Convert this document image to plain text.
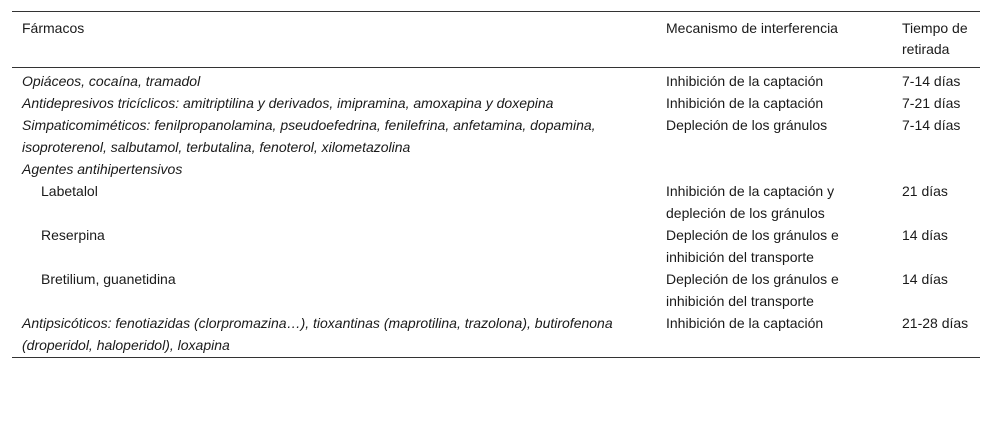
Fármacos	Mecanismo de interferencia	Tiempo de retirada
Opiáceos, cocaína, tramadol	Inhibición de la captación	7-14 días
Antidepresivos tricíclicos: amitriptilina y derivados, imipramina, amoxapina y doxepina	Inhibición de la captación	7-21 días
Simpaticomiméticos: fenilpropanolamina, pseudoefedrina, fenilefrina, anfetamina, dopamina, isoproterenol, salbutamol, terbutalina, fenoterol, xilometazolina	Depleción de los gránulos	7-14 días
Agentes antihipertensivos		
Labetalol	Inhibición de la captación y depleción de los gránulos	21 días
Reserpina	Depleción de los gránulos e inhibición del transporte	14 días
Bretilium, guanetidina	Depleción de los gránulos e inhibición del transporte	14 días
Antipsicóticos: fenotiazidas (clorpromazina…), tioxantinas (maprotilina, trazolona), butirofenona (droperidol, haloperidol), loxapina	Inhibición de la captación	21-28 días
